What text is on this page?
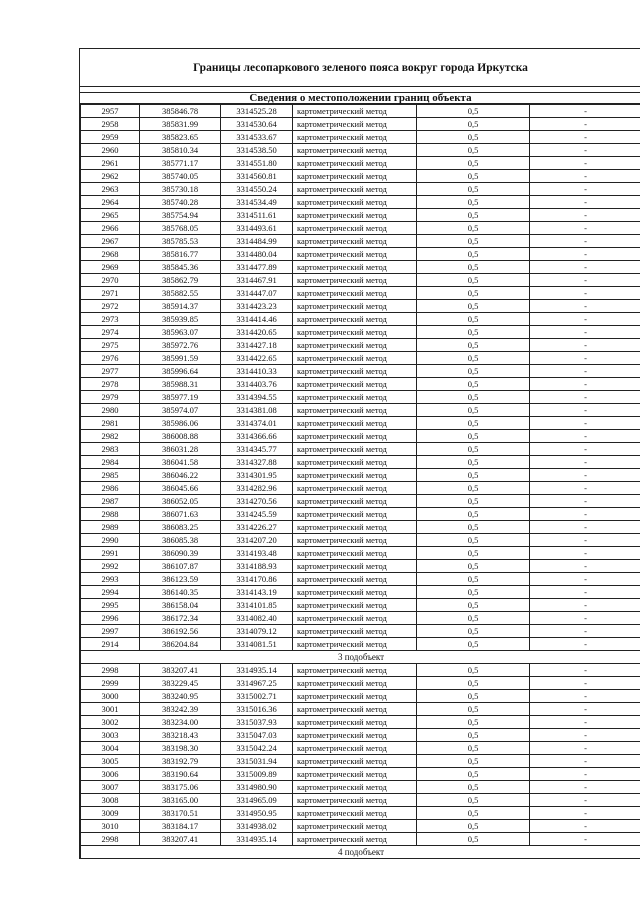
Границы лесопаркового зеленого пояса вокруг города Иркутска
Сведения о местоположении границ объекта
2957	385846.78	3314525.28	картометрический метод	0,5	-
2958	385831.99	3314530.64	картометрический метод	0,5	-
2959	385823.65	3314533.67	картометрический метод	0,5	-
2960	385810.34	3314538.50	картометрический метод	0,5	-
2961	385771.17	3314551.80	картометрический метод	0,5	-
2962	385740.05	3314560.81	картометрический метод	0,5	-
2963	385730.18	3314550.24	картометрический метод	0,5	-
2964	385740.28	3314534.49	картометрический метод	0,5	-
2965	385754.94	3314511.61	картометрический метод	0,5	-
2966	385768.05	3314493.61	картометрический метод	0,5	-
2967	385785.53	3314484.99	картометрический метод	0,5	-
2968	385816.77	3314480.04	картометрический метод	0,5	-
2969	385845.36	3314477.89	картометрический метод	0,5	-
2970	385862.79	3314467.91	картометрический метод	0,5	-
2971	385882.55	3314447.07	картометрический метод	0,5	-
2972	385914.37	3314423.23	картометрический метод	0,5	-
2973	385939.85	3314414.46	картометрический метод	0,5	-
2974	385963.07	3314420.65	картометрический метод	0,5	-
2975	385972.76	3314427.18	картометрический метод	0,5	-
2976	385991.59	3314422.65	картометрический метод	0,5	-
2977	385996.64	3314410.33	картометрический метод	0,5	-
2978	385988.31	3314403.76	картометрический метод	0,5	-
2979	385977.19	3314394.55	картометрический метод	0,5	-
2980	385974.07	3314381.08	картометрический метод	0,5	-
2981	385986.06	3314374.01	картометрический метод	0,5	-
2982	386008.88	3314366.66	картометрический метод	0,5	-
2983	386031.28	3314345.77	картометрический метод	0,5	-
2984	386041.58	3314327.88	картометрический метод	0,5	-
2985	386046.22	3314301.95	картометрический метод	0,5	-
2986	386045.66	3314282.96	картометрический метод	0,5	-
2987	386052.05	3314270.56	картометрический метод	0,5	-
2988	386071.63	3314245.59	картометрический метод	0,5	-
2989	386083.25	3314226.27	картометрический метод	0,5	-
2990	386085.38	3314207.20	картометрический метод	0,5	-
2991	386090.39	3314193.48	картометрический метод	0,5	-
2992	386107.87	3314188.93	картометрический метод	0,5	-
2993	386123.59	3314170.86	картометрический метод	0,5	-
2994	386140.35	3314143.19	картометрический метод	0,5	-
2995	386158.04	3314101.85	картометрический метод	0,5	-
2996	386172.34	3314082.40	картометрический метод	0,5	-
2997	386192.56	3314079.12	картометрический метод	0,5	-
2914	386204.84	3314081.51	картометрический метод	0,5	-
3 подобъект					
2998	383207.41	3314935.14	картометрический метод	0,5	-
2999	383229.45	3314967.25	картометрический метод	0,5	-
3000	383240.95	3315002.71	картометрический метод	0,5	-
3001	383242.39	3315016.36	картометрический метод	0,5	-
3002	383234.00	3315037.93	картометрический метод	0,5	-
3003	383218.43	3315047.03	картометрический метод	0,5	-
3004	383198.30	3315042.24	картометрический метод	0,5	-
3005	383192.79	3315031.94	картометрический метод	0,5	-
3006	383190.64	3315009.89	картометрический метод	0,5	-
3007	383175.06	3314980.90	картометрический метод	0,5	-
3008	383165.00	3314965.09	картометрический метод	0,5	-
3009	383170.51	3314950.95	картометрический метод	0,5	-
3010	383184.17	3314938.02	картометрический метод	0,5	-
2998	383207.41	3314935.14	картометрический метод	0,5	-
4 подобъект					
